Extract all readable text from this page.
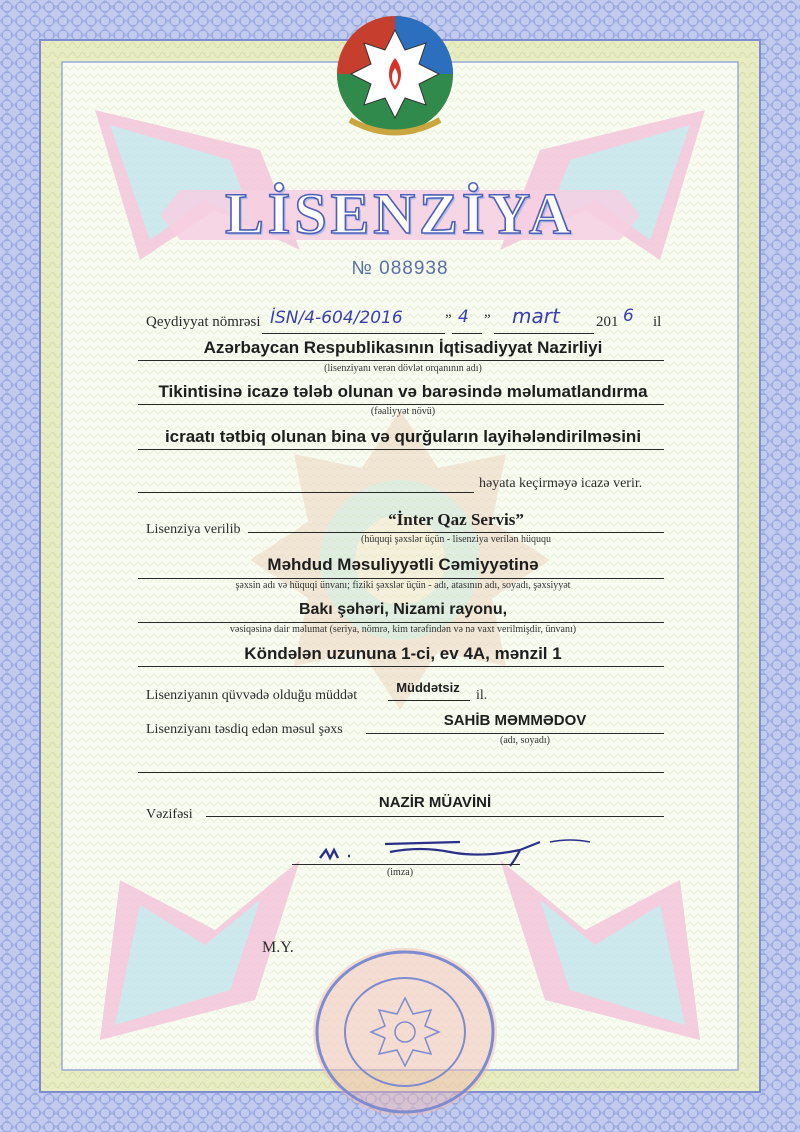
LİSENZİYA
№ 088938
Qeydiyyat nömrəsi İSN/4-604/2016	” 4 ” mart 201 6 il
Azərbaycan Respublikasının İqtisadiyyat Nazirliyi
(lisenziyanı verən dövlət orqanının adı)
Tikintisinə icazə tələb olunan və barəsində məlumatlandırma
(fəaliyyət növü)
icraatı tətbiq olunan bina və qurğuların layihələndirilməsini
həyata keçirməyə icazə verir.
Lisenziya verilib
“İnter Qaz Servis”
(hüquqi şəxslər üçün - lisenziya verilən hüququ
Məhdud Məsuliyyətli Cəmiyyətinə
şəxsin adı və hüquqi ünvanı; fiziki şəxslər üçün - adı, atasının adı, soyadı, şəxsiyyət
Bakı şəhəri, Nizami rayonu,
vəsiqəsinə dair məlumat (seriya, nömrə, kim tərəfindən və nə vaxt verilmişdir, ünvanı)
Köndələn uzununa 1-ci, ev 4A, mənzil 1
Lisenziyanın qüvvədə olduğu müddət
Müddətsiz
il.
Lisenziyanı təsdiq edən məsul şəxs
SAHİB MƏMMƏDOV
(adı, soyadı)
Vəzifəsi
NAZİR MÜAVİNİ
(imza)
M.Y.
